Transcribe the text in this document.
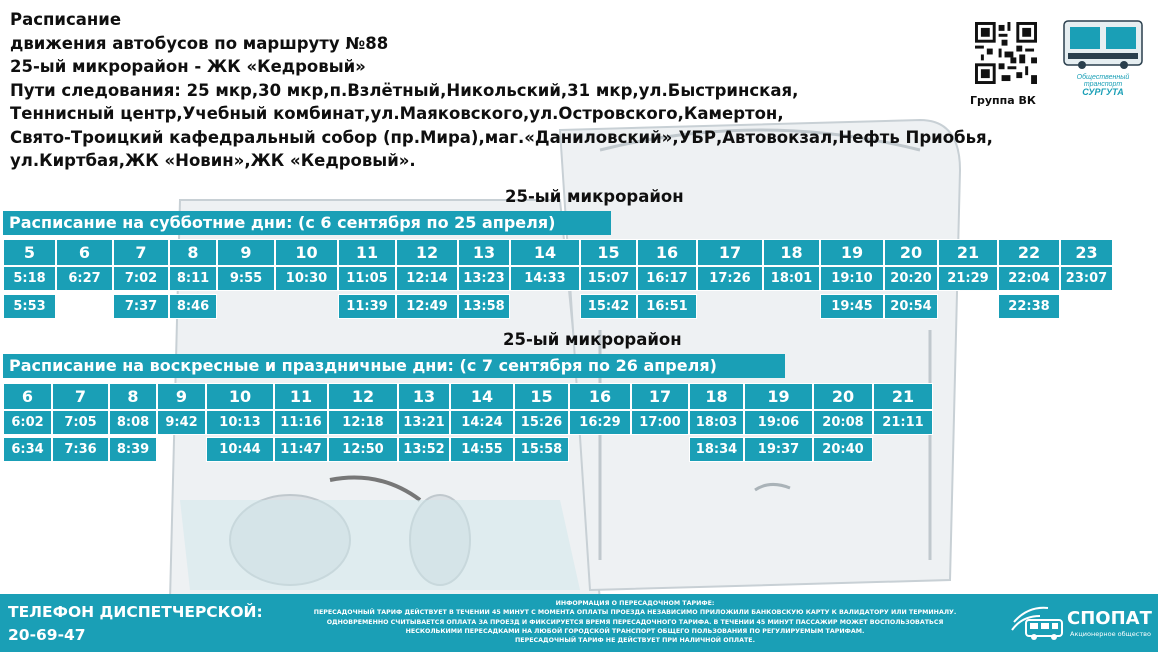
Расписание
движения автобусов по маршруту №88
25-ый микрорайон - ЖК «Кедровый»
Пути следования: 25 мкр,30 мкр,п.Взлётный,Никольский,31 мкр,ул.Быстринская,
Теннисный центр,Учебный комбинат,ул.Маяковского,ул.Островского,Камертон,
Свято-Троицкий кафедральный собор (пр.Мира),маг.«Даниловский»,УБР,Автовокзал,Нефть Приобья,
ул.Киртбая,ЖК «Новин»,ЖК «Кедровый».
Группа ВК
Общественный
транспорт
СУРГУТА
25-ый микрорайон
Расписание на субботние дни: (с 6 сентября по 25 апреля)
5
5:18
5:53
6
6:27
7
7:02
7:37
8
8:11
8:46
9
9:55
10
10:30
11
11:05
11:39
12
12:14
12:49
13
13:23
13:58
14
14:33
15
15:07
15:42
16
16:17
16:51
17
17:26
18
18:01
19
19:10
19:45
20
20:20
20:54
21
21:29
22
22:04
22:38
23
23:07
25-ый микрорайон
Расписание на воскресные и праздничные дни: (с 7 сентября по 26 апреля)
6
6:02
6:34
7
7:05
7:36
8
8:08
8:39
9
9:42
10
10:13
10:44
11
11:16
11:47
12
12:18
12:50
13
13:21
13:52
14
14:24
14:55
15
15:26
15:58
16
16:29
17
17:00
18
18:03
18:34
19
19:06
19:37
20
20:08
20:40
21
21:11
ТЕЛЕФОН ДИСПЕТЧЕРСКОЙ:
20-69-47
ИНФОРМАЦИЯ О ПЕРЕСАДОЧНОМ ТАРИФЕ:
ПЕРЕСАДОЧНЫЙ ТАРИФ ДЕЙСТВУЕТ В ТЕЧЕНИИ 45 МИНУТ С МОМЕНТА ОПЛАТЫ ПРОЕЗДА НЕЗАВИСИМО ПРИЛОЖИЛИ БАНКОВСКУЮ КАРТУ К ВАЛИДАТОРУ ИЛИ ТЕРМИНАЛУ.
ОДНОВРЕМЕННО СЧИТЫВАЕТСЯ ОПЛАТА ЗА ПРОЕЗД И ФИКСИРУЕТСЯ ВРЕМЯ ПЕРЕСАДОЧНОГО ТАРИФА. В ТЕЧЕНИИ 45 МИНУТ ПАССАЖИР МОЖЕТ ВОСПОЛЬЗОВАТЬСЯ
НЕСКОЛЬКИМИ ПЕРЕСАДКАМИ НА ЛЮБОЙ ГОРОДСКОЙ ТРАНСПОРТ ОБЩЕГО ПОЛЬЗОВАНИЯ ПО РЕГУЛИРУЕМЫМ ТАРИФАМ.
ПЕРЕСАДОЧНЫЙ ТАРИФ НЕ ДЕЙСТВУЕТ ПРИ НАЛИЧНОЙ ОПЛАТЕ.
СПОПАТ
Акционерное общество
